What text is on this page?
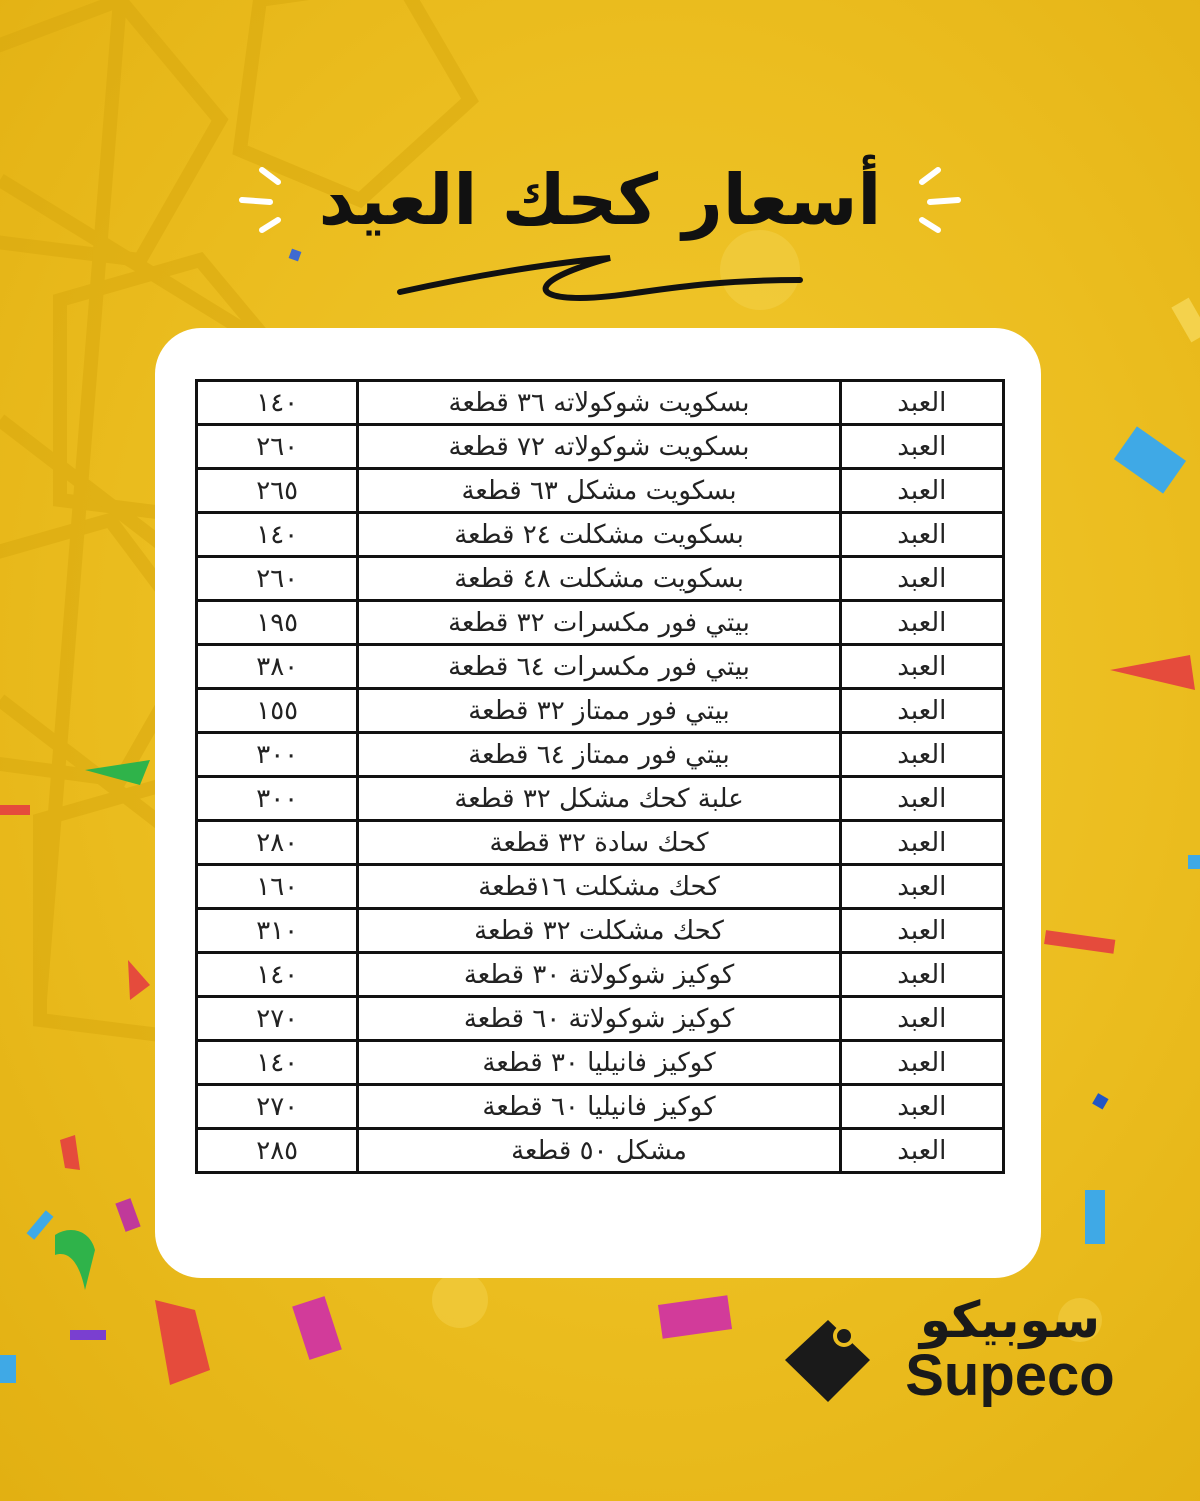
أسعار كحك العيد
العبد	بسكويت شوكولاته ٣٦ قطعة	١٤٠
العبد	بسكويت شوكولاته ٧٢ قطعة	٢٦٠
العبد	بسكويت مشكل ٦٣ قطعة	٢٦٥
العبد	بسكويت مشكلت ٢٤ قطعة	١٤٠
العبد	بسكويت مشكلت ٤٨ قطعة	٢٦٠
العبد	بيتي فور مكسرات ٣٢ قطعة	١٩٥
العبد	بيتي فور مكسرات ٦٤ قطعة	٣٨٠
العبد	بيتي فور ممتاز ٣٢ قطعة	١٥٥
العبد	بيتي فور ممتاز ٦٤ قطعة	٣٠٠
العبد	علبة كحك مشكل ٣٢ قطعة	٣٠٠
العبد	كحك سادة ٣٢ قطعة	٢٨٠
العبد	كحك مشكلت ١٦قطعة	١٦٠
العبد	كحك مشكلت ٣٢ قطعة	٣١٠
العبد	كوكيز شوكولاتة ٣٠ قطعة	١٤٠
العبد	كوكيز شوكولاتة ٦٠ قطعة	٢٧٠
العبد	كوكيز فانيليا ٣٠ قطعة	١٤٠
العبد	كوكيز فانيليا ٦٠ قطعة	٢٧٠
العبد	مشكل ٥٠ قطعة	٢٨٥
سوبيكو
Supeco
